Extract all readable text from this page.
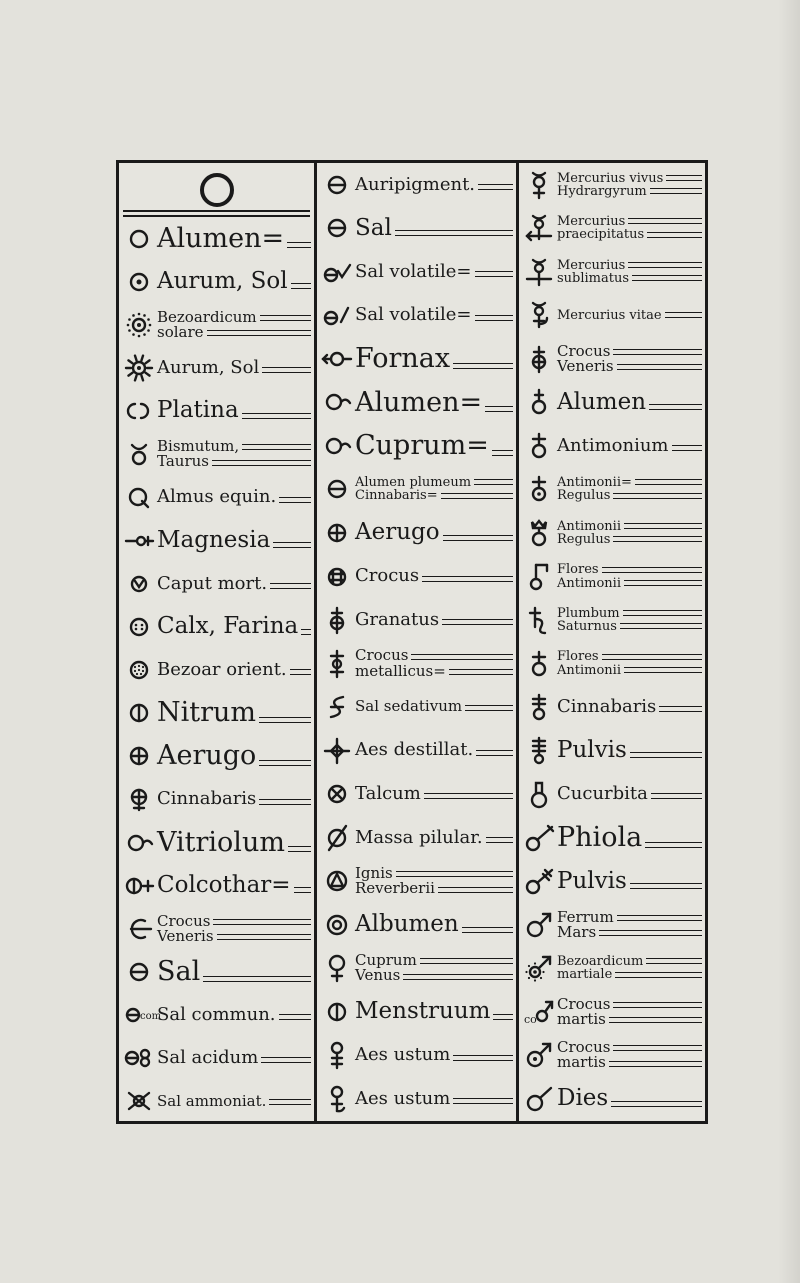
Alumen=
Aurum, Sol
Bezoardicum
solare
Aurum, Sol
Platina
Bismutum,
Taurus
Almus equin.
Magnesia
Caput mort.
Calx, Farina
Bezoar orient.
Nitrum
Aerugo
Cinnabaris
Vitriolum
Colcothar=
Crocus
Veneris
Sal
com
Sal commun.
Sal acidum
Sal ammoniat.
Auripigment.
Sal
Sal volatile=
Sal volatile=
Fornax
Alumen=
Cuprum=
Alumen plumeum
Cinnabaris=
Aerugo
Crocus
Granatus
Crocus
metallicus=
Sal sedativum
Aes destillat.
Talcum
Massa pilular.
Ignis
Reverberii
Albumen
Cuprum
Venus
Menstruum
Aes ustum
Aes ustum
Mercurius vivus
Hydrargyrum
Mercurius
praecipitatus
Mercurius
sublimatus
Mercurius vitae
Crocus
Veneris
Alumen
Antimonium
Antimonii=
Regulus
Antimonii
Regulus
Flores
Antimonii
Plumbum
Saturnus
Flores
Antimonii
Cinnabaris
Pulvis
Cucurbita
Phiola
Pulvis
Ferrum
Mars
Bezoardicum
martiale
co
Crocus
martis
Crocus
martis
Dies
